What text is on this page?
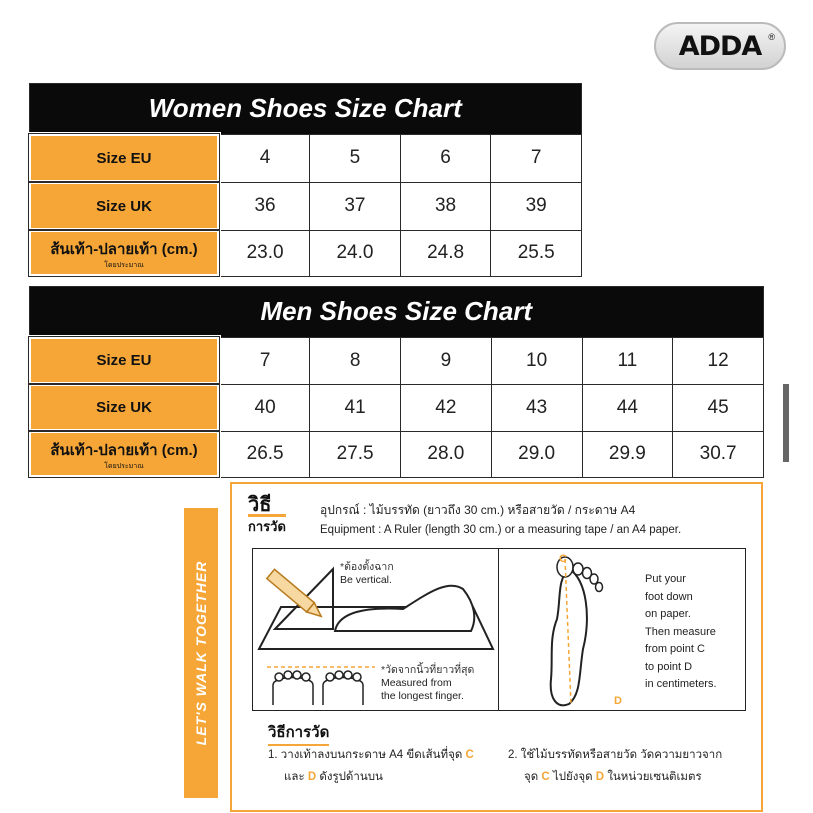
ADDA ®
Women Shoes Size Chart				
Size EU	4	5	6	7
Size UK	36	37	38	39
ส้นเท้า-ปลายเท้า (cm.)
โดยประมาณ	23.0	24.0	24.8	25.5
Men Shoes Size Chart						
Size EU	7	8	9	10	11	12
Size UK	40	41	42	43	44	45
ส้นเท้า-ปลายเท้า (cm.)
โดยประมาณ	26.5	27.5	28.0	29.0	29.9	30.7
LET'S WALK TOGETHER
วิธี
การวัด
อุปกรณ์ : ไม้บรรทัด (ยาวถึง 30 cm.) หรือสายวัด / กระดาษ A4
Equipment : A Ruler (length 30 cm.) or a measuring tape / an A4 paper.
*ต้องตั้งฉาก
Be vertical.
*วัดจากนิ้วที่ยาวที่สุด
Measured from
the longest finger.
C
D
Put your
foot down
on paper.
Then measure
from point C
to point D
in centimeters.
วิธีการวัด
1. วางเท้าลงบนกระดาษ A4 ขีดเส้นที่จุด C
และ D ดังรูปด้านบน
2. ใช้ไม้บรรทัดหรือสายวัด วัดความยาวจาก
จุด C ไปยังจุด D ในหน่วยเซนติเมตร
